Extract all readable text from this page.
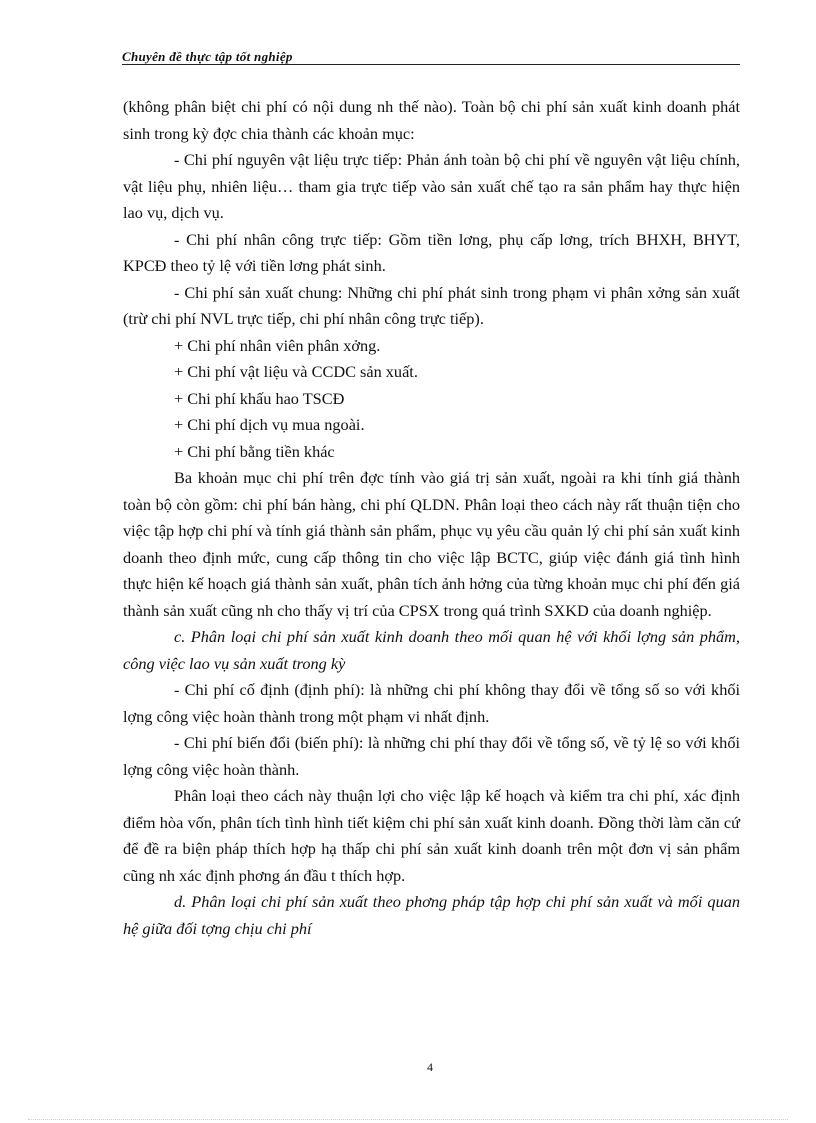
Chuyên đề thực tập tốt nghiệp

(không phân biệt chi phí có nội dung nh thế nào). Toàn bộ chi phí sản xuất kinh doanh phát sinh trong kỳ đợc chia thành các khoản mục:

- Chi phí nguyên vật liệu trực tiếp: Phản ánh toàn bộ chi phí về nguyên vật liệu chính, vật liệu phụ, nhiên liệu… tham gia trực tiếp vào sản xuất chế tạo ra sản phẩm hay thực hiện lao vụ, dịch vụ.

- Chi phí nhân công trực tiếp: Gồm tiền lơng, phụ cấp lơng, trích BHXH, BHYT, KPCĐ theo tỷ lệ với tiền lơng phát sinh.

- Chi phí sản xuất chung: Những chi phí phát sinh trong phạm vi phân xởng sản xuất (trừ chi phí NVL trực tiếp, chi phí nhân công trực tiếp).

+ Chi phí nhân viên phân xởng.

+ Chi phí vật liệu và CCDC sản xuất.

+ Chi phí khấu hao TSCĐ

+ Chi phí dịch vụ mua ngoài.

+ Chi phí bằng tiền khác

Ba khoản mục chi phí trên đợc tính vào giá trị sản xuất, ngoài ra khi tính giá thành toàn bộ còn gồm: chi phí bán hàng, chi phí QLDN. Phân loại theo cách này rất thuận tiện cho việc tập hợp chi phí và tính giá thành sản phẩm, phục vụ yêu cầu quản lý chi phí sản xuất kinh doanh theo định mức, cung cấp thông tin cho việc lập BCTC, giúp việc đánh giá tình hình thực hiện kế hoạch giá thành sản xuất, phân tích ảnh hởng của từng khoản mục chi phí đến giá thành sản xuất cũng nh cho thấy vị trí của CPSX trong quá trình SXKD của doanh nghiệp.

c. Phân loại chi phí sản xuất kinh doanh theo mối quan hệ với khối lợng sản phẩm, công việc lao vụ sản xuất trong kỳ

- Chi phí cố định (định phí): là những chi phí không thay đổi về tổng số so với khối lợng công việc hoàn thành trong một phạm vi nhất định.

- Chi phí biến đổi (biến phí): là những chi phí thay đổi về tổng số, về tỷ lệ so với khối lợng công việc hoàn thành.

Phân loại theo cách này thuận lợi cho việc lập kế hoạch và kiểm tra chi phí, xác định điểm hòa vốn, phân tích tình hình tiết kiệm chi phí sản xuất kinh doanh. Đồng thời làm căn cứ để đề ra biện pháp thích hợp hạ thấp chi phí sản xuất kinh doanh trên một đơn vị sản phẩm cũng nh xác định phơng án đầu t thích hợp.

d. Phân loại chi phí sản xuất theo phơng pháp tập hợp chi phí sản xuất và mối quan hệ giữa đối tợng chịu chi phí

4
